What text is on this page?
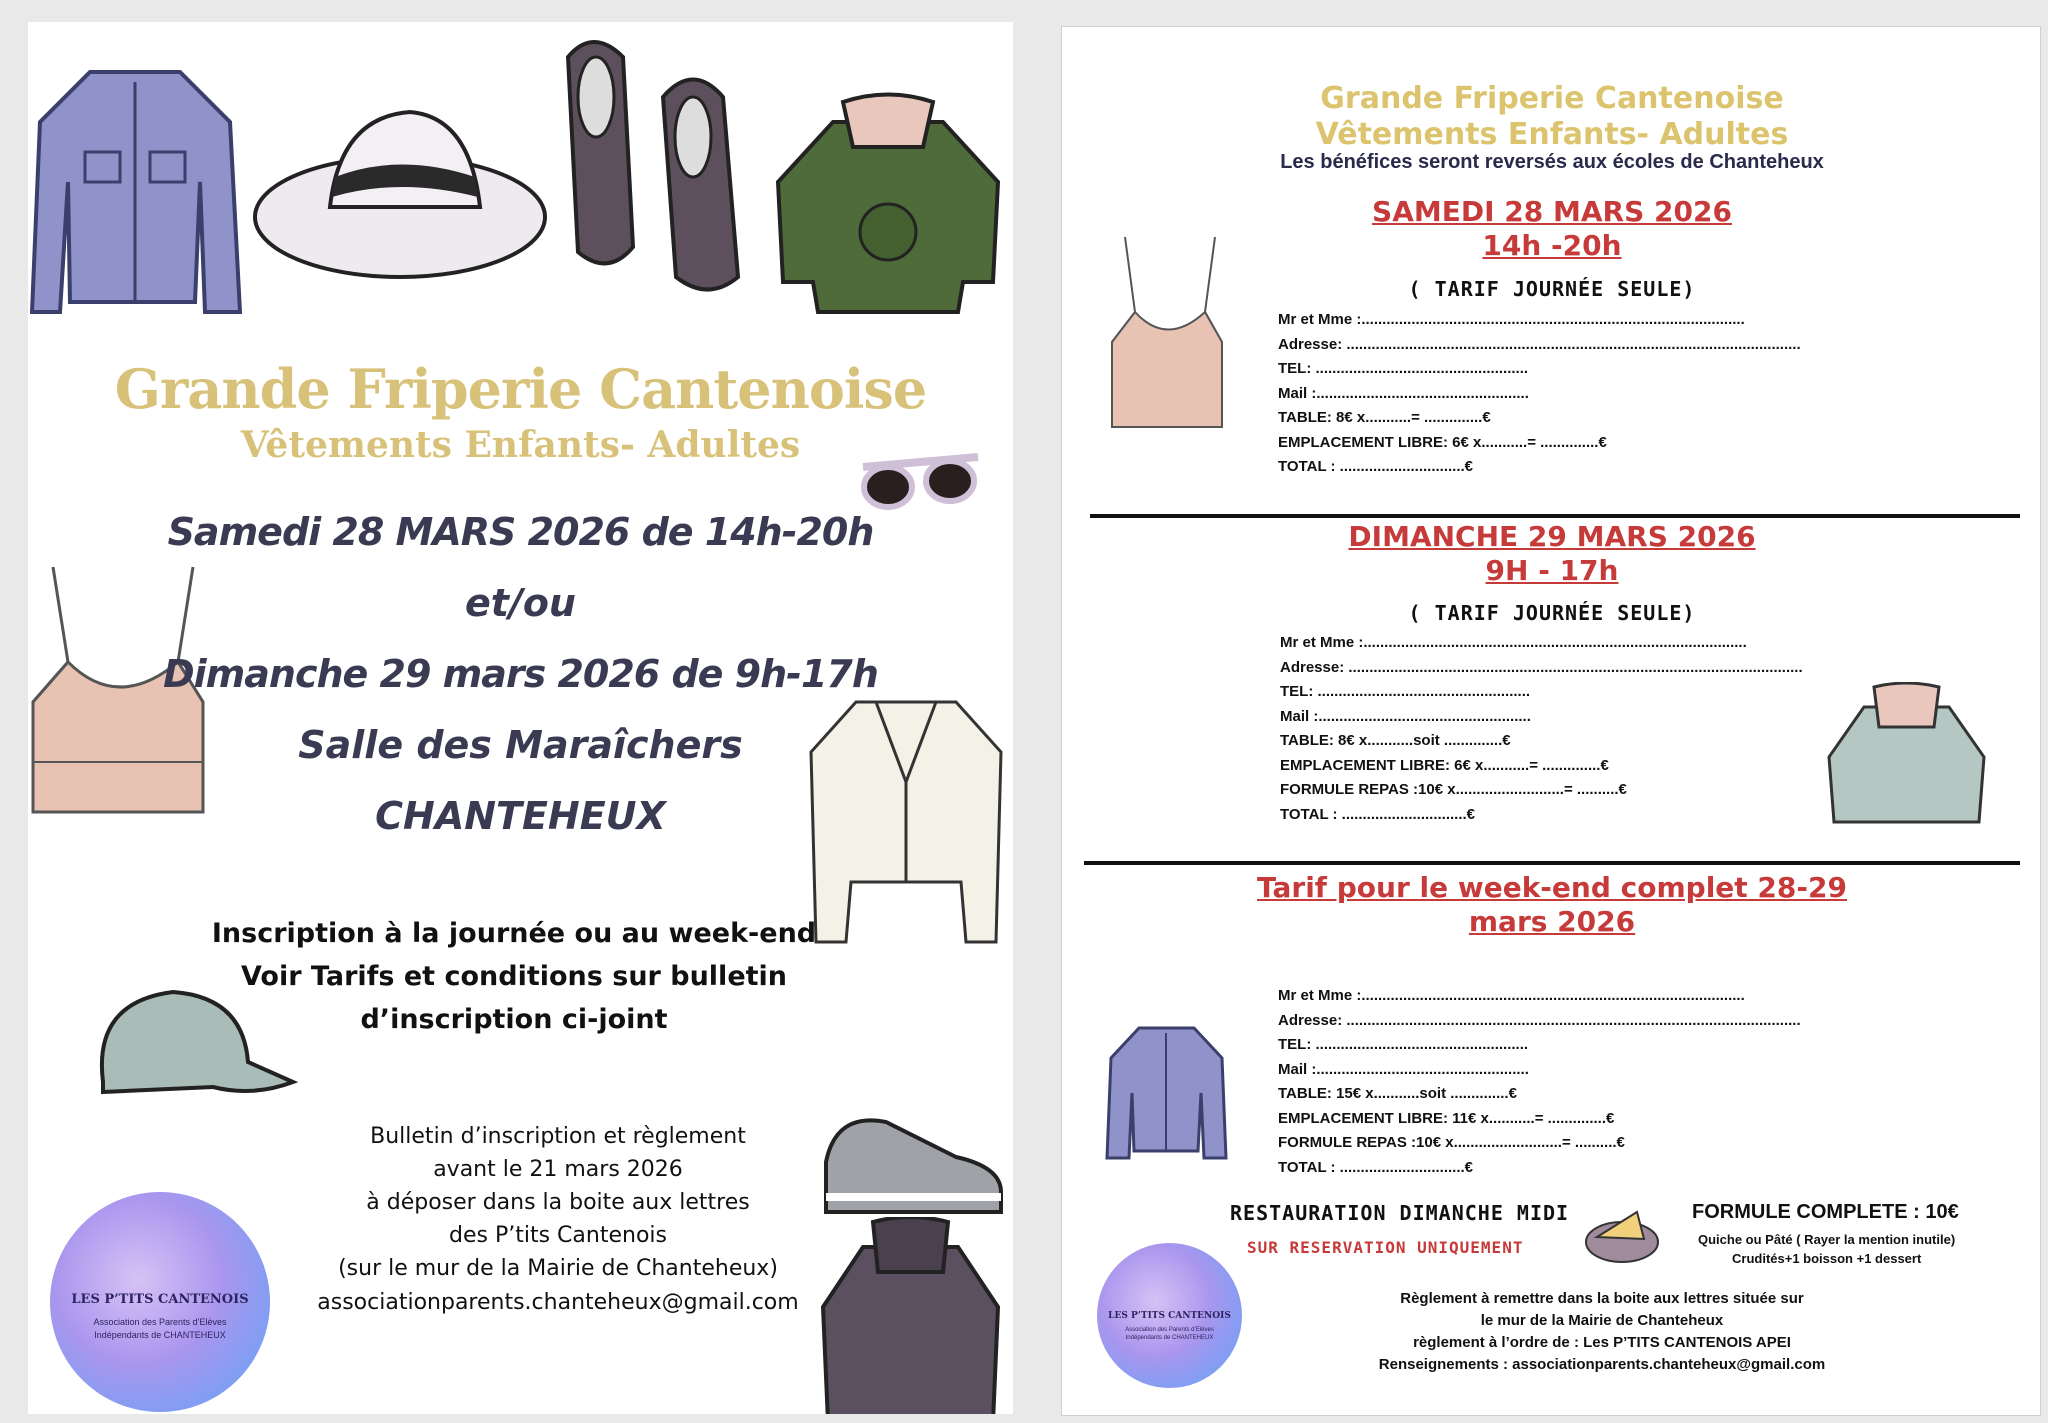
Grande Friperie Cantenoise
Vêtements Enfants- Adultes
Samedi 28 MARS 2026 de 14h-20h
et/ou
Dimanche 29 mars 2026 de 9h-17h
Salle des Maraîchers
CHANTEHEUX
Inscription à la journée ou au week-end
Voir Tarifs et conditions sur bulletin
d’inscription ci-joint
Bulletin d’inscription et règlement
avant le 21 mars 2026
à déposer dans la boite aux lettres
des P’tits Cantenois
(sur le mur de la Mairie de Chanteheux)
associationparents.chanteheux@gmail.com
LES P’TITS CANTENOIS
Association des Parents d’Elèves
Indépendants de CHANTEHEUX
Grande Friperie Cantenoise
Vêtements Enfants- Adultes
Les bénéfices seront reversés aux écoles de Chanteheux
SAMEDI 28 MARS 2026
14h -20h
( TARIF JOURNÉE SEULE)
Mr et Mme :............................................................................................
Adresse: .............................................................................................................
TEL: ...................................................
Mail :...................................................
TABLE: 8€ x...........= ..............€
EMPLACEMENT LIBRE: 6€ x...........= ..............€
TOTAL : ..............................€
DIMANCHE 29 MARS 2026
9H - 17h
( TARIF JOURNÉE SEULE)
Mr et Mme :............................................................................................
Adresse: .............................................................................................................
TEL: ...................................................
Mail :...................................................
TABLE: 8€ x...........soit ..............€
EMPLACEMENT LIBRE: 6€ x...........= ..............€
FORMULE REPAS :10€ x..........................= ..........€
TOTAL : ..............................€
Tarif pour le week-end complet 28-29
mars 2026
Mr et Mme :............................................................................................
Adresse: .............................................................................................................
TEL: ...................................................
Mail :...................................................
TABLE: 15€ x...........soit ..............€
EMPLACEMENT LIBRE: 11€ x...........= ..............€
FORMULE REPAS :10€ x..........................= ..........€
TOTAL : ..............................€
RESTAURATION DIMANCHE MIDI
SUR RESERVATION UNIQUEMENT
FORMULE COMPLETE : 10€
Quiche ou Pâté ( Rayer la mention inutile)
Crudités+1 boisson +1 dessert
Règlement à remettre dans la boite aux lettres située sur
le mur de la Mairie de Chanteheux
règlement à l’ordre de : Les P’TITS CANTENOIS APEI
Renseignements : associationparents.chanteheux@gmail.com
LES P’TITS CANTENOIS
Association des Parents d’Elèves
Indépendants de CHANTEHEUX
